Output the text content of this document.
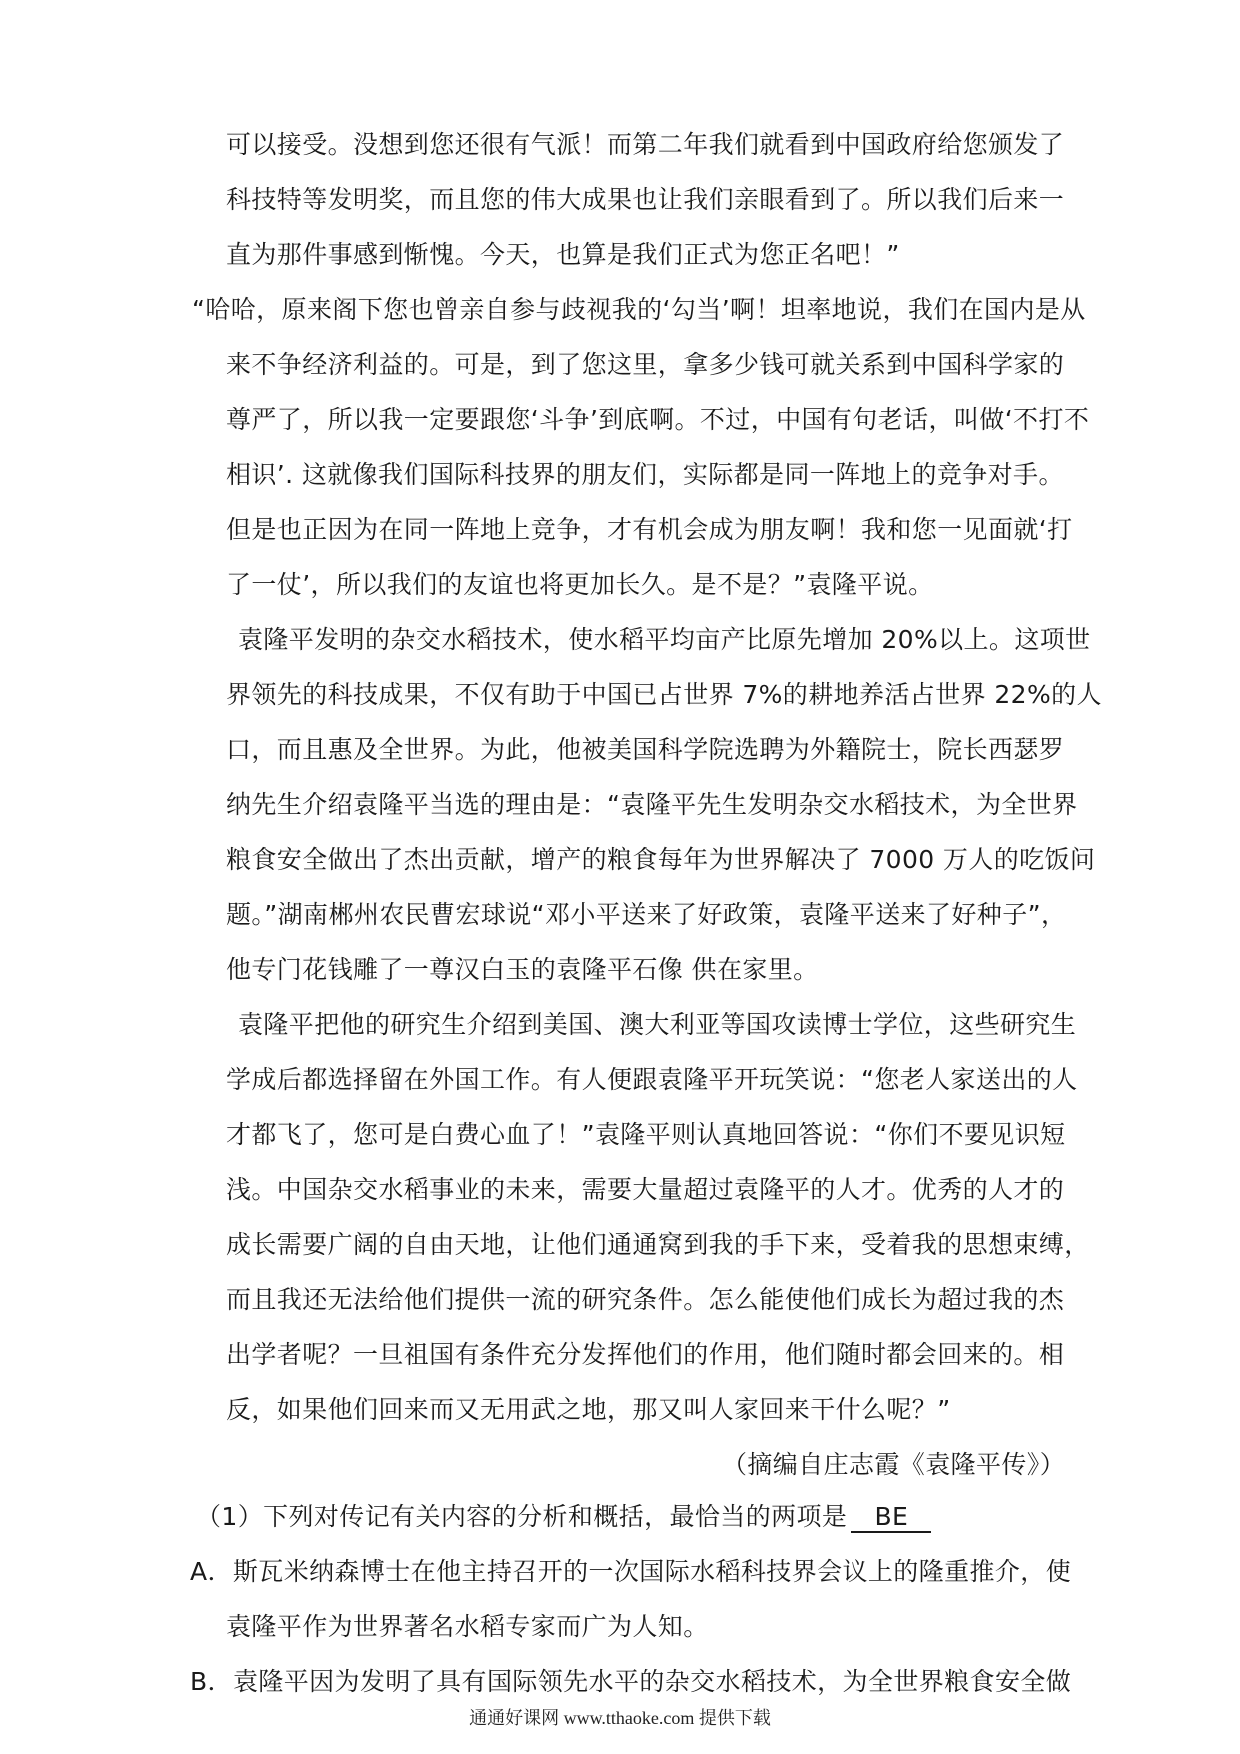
可以接受。没想到您还很有气派！而第二年我们就看到中国政府给您颁发了
科技特等发明奖，而且您的伟大成果也让我们亲眼看到了。所以我们后来一
直为那件事感到惭愧。今天，也算是我们正式为您正名吧！”
“哈哈，原来阁下您也曾亲自参与歧视我的‘勾当’啊！坦率地说，我们在国内是从
来不争经济利益的。可是，到了您这里，拿多少钱可就关系到中国科学家的
尊严了，所以我一定要跟您‘斗争’到底啊。不过，中国有句老话，叫做‘不打不
相识’. 这就像我们国际科技界的朋友们，实际都是同一阵地上的竞争对手。
但是也正因为在同一阵地上竞争，才有机会成为朋友啊！我和您一见面就‘打
了一仗’，所以我们的友谊也将更加长久。是不是？”袁隆平说。
袁隆平发明的杂交水稻技术，使水稻平均亩产比原先增加 20%以上。这项世
界领先的科技成果，不仅有助于中国已占世界 7%的耕地养活占世界 22%的人
口，而且惠及全世界。为此，他被美国科学院选聘为外籍院士，院长西瑟罗
纳先生介绍袁隆平当选的理由是：“袁隆平先生发明杂交水稻技术，为全世界
粮食安全做出了杰出贡献，增产的粮食每年为世界解决了 7000 万人的吃饭问
题。”湖南郴州农民曹宏球说“邓小平送来了好政策，袁隆平送来了好种子”，
他专门花钱雕了一尊汉白玉的袁隆平石像 供在家里。
袁隆平把他的研究生介绍到美国、澳大利亚等国攻读博士学位，这些研究生
学成后都选择留在外国工作。有人便跟袁隆平开玩笑说：“您老人家送出的人
才都飞了，您可是白费心血了！”袁隆平则认真地回答说：“你们不要见识短
浅。中国杂交水稻事业的未来，需要大量超过袁隆平的人才。优秀的人才的
成长需要广阔的自由天地，让他们通通窝到我的手下来，受着我的思想束缚，
而且我还无法给他们提供一流的研究条件。怎么能使他们成长为超过我的杰
出学者呢？一旦祖国有条件充分发挥他们的作用，他们随时都会回来的。相
反，如果他们回来而又无用武之地，那又叫人家回来干什么呢？”
（摘编自庄志霞《袁隆平传》）
（1）下列对传记有关内容的分析和概括，最恰当的两项是 BE
A．斯瓦米纳森博士在他主持召开的一次国际水稻科技界会议上的隆重推介，使
袁隆平作为世界著名水稻专家而广为人知。
B．袁隆平因为发明了具有国际领先水平的杂交水稻技术，为全世界粮食安全做
通通好课网 www.tthaoke.com 提供下载
